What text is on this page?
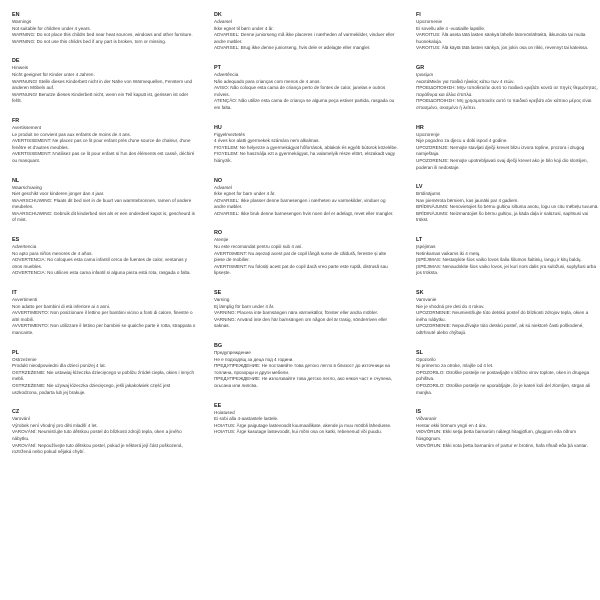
EN
Warnings
Not suitable for children under 4 years.
WARNING: Do not place this childrs bed near heat sources, windows and other furniture.
WARNING: Do not use this childrs bed if any part is broken, torn or missing.
DE
Hinweis
Nicht geeignet für Kinder unter 4 Jahren.
WARNUNG! Stelle dieses Kinderbett nicht in der Nähe von Wärmequellen, Fenstern und anderen Möbeln auf.
WARNUNG! Benutze dieses Kinderbett nicht, wenn ein Teil kaputt ist, gerissen ist oder fehlt.
FR
Avertissement
Le produit ne convient pas aux enfants de moins de 4 ans.
AVERTISSEMENT: Ne placez pas ce lit pour enfant près d'une source de chaleur, d'une fenêtre et d'autres meubles.
AVERTISSEMENT: N'utilisez pas ce lit pour enfant si l'un des éléments est cassé, déchiré ou manquant.
NL
Waarschuwing
Niet geschikt voor kinderen jonger dan 4 jaar.
WAARSCHUWING: Plaats dit bed niet in de buurt van warmtebronnen, ramen of andere meubelen.
WAARSCHUWING: Gebruik dit kinderbed niet als er een onderdeel kapot is, gescheurd is of mist.
ES
Advertencia
No apto para niños menores de 4 años.
ADVERTENCIA: No coloques esta cama infantil cerca de fuentes de calor, ventanas y otros muebles.
ADVERTENCIA: No utilices esta cama infantil si alguna pieza está rota, rasgada o falta.
IT
Avvertimenti
Non adatto per bambini di età inferiore ai 4 anni.
AVVERTIMENTO: Non posizionare il lettino per bambini vicino a fonti di calore, finestre o altri mobili.
AVVERTIMENTO: Non utilizzare il lettino per bambini se qualche parte è rotta, strappata o mancante.
PL
Ostrzeżenie
Produkt nieodpowiedni dla dzieci poniżej 4 lat.
OSTRZEŻENIE: Nie ustawiaj łóżeczka dziecięcego w pobliżu źródeł ciepła, okien i innych mebli.
OSTRZEŻENIE: Nie używaj łóżeczka dziecięcego, jeśli jakakolwiek część jest uszkodzona, podarta lub jej brakuje.
CZ
Varování
Výrobek není vhodný pro děti mladší 4 let.
VAROVÁNÍ: Neumisťujte tuto dětskou postel do blízkosti zdrojů tepla, oken a jiného nábytku.
VAROVÁNÍ: Nepoužívejte tuto dětskou postel, pokud je některá její část poškozená, roztržená nebo pokud nějaká chybí.
DK
Advarsel
Ikke egnet til børn under 4 år.
ADVARSEL: Denne juniorseng må ikke placeres i nærheden af varmekilder, vinduer eller andre møbler.
ADVARSEL: Brug ikke denne juniorseng, hvis dele er ødelagte eller mangler.
PT
Advertência
Não adequado para crianças com menos de 4 anos.
AVISO: Não coloque esta cama de criança perto de fontes de calor, janelas e outros móveis.
ATENÇÃO: Não utilize esta cama de criança se alguma peça estiver partida, rasgada ou em falta.
HU
Figyelmeztetés
4 éves kor alatti gyermekek számára nem alkalmas.
FIGYELEM: Ne helyezze a gyermekágyat hőforrások, ablakok és egyéb bútorok közelébe.
FIGYELEM: Ne használja ezt a gyermekágyat, ha valamelyik része eltört, elszakadt vagy hiányzik.
NO
Advarsel
Ikke egnet for barn under 4 år.
ADVARSEL: Ikke plasser denne barnesengen i nærheten av varmekilder, vinduer og andre møbler.
ADVARSEL: Ikke bruk denne barnesengen hvis noen del er ødelagt, revet eller mangler.
RO
Atenție
Nu este recomandat pentru copiii sub 4 ani.
AVERTISMENT: Nu așezați acest pat de copil lângă surse de căldură, ferestre și alte piese de mobilier.
AVERTISMENT: Nu folosiți acest pat de copil dacă vreo parte este ruptă, distrusă sau lipsește.
SE
Varning
Ej lämplig för barn under 4 år.
VARNING: Placera inte barnsängen nära värmekällor, fönster eller andra möbler.
VARNING: Använd inte den här barnsängen om någon del är trasig, sönderriven eller saknas.
BG
Предупреждение
Не е подходящ за деца под 4 години.
ПРЕДУПРЕЖДЕНИЕ: Не поставяйте това детско легло в близост до източници на топлина, прозорци и други мебели.
ПРЕДУПРЕЖДЕНИЕ: Не използвайте това детско легло, ако някоя част е счупена, скъсана или липсва.
EE
Hoiatused
Ei sobi alla 4-aastastele lastele.
HOIATUS: Ärge paigutage lastevoodit kuumaallikate, akende ja muu mööbli lähedusse.
HOIATUS: Ärge kasutage lastevoodit, kui mõni osa on katki, rebenenud või puudu.
FI
Upozornenie
Ei sovellu alle 4 -vuotiaille lapsille.
VAROITUS: Älä aseta tätä lasten sänkyä lähelle lämmönlähteitä, ikkunoita tai muita huonekaluja.
VAROITUS: Älä käytä tätä lasten sänkyä, jos jokin osa on rikki, revennyt tai kateissa.
GR
Ιριοείμσι
ΑκαιτάΜικόν για παιδιά ηλικίας κάτω των 4 ετών.
ΠΡΟΕΙΔΟΠΟΙΗΣΗ: Μην τοποθετείτε αυτό το παιδικό κρεβάτι κοντά σε πηγές θερμότητας, παράθυρα και άλλα έπιπλα.
ΠΡΟΕΙΔΟΠΟΙΗΣΗ: Μη χρησιμοποιείτε αυτό το παιδικό κρεβάτι εάν κάποιο μέρος είναι σπασμένο, σκισμένο ή λείπει.
HR
Upozorenje
Nije pogodno za djecu u dobi ispod 4 godine.
UPOZORENJE: Nemojte stavljati dječji krevet blizu izvora topline, prozora i drugog namještaja.
UPOZORENJE: Nemojte upotrebljavati ovaj dječji krevet ako je bilo koji dio slomljen, poderan ili nedostaje.
LV
Brīdinājums
Nav piemērota bērniem, kas jaunāki par 4 gadiem.
BRĪDINĀJUMS: Nenovietojiet šo bērnu gultiņu siltuma avotu, logu un citu mēbeļu tuvumā.
BRĪDINĀJUMS: Neizmantojiet šo bērnu gultiņu, ja kāda daļa ir salūzusi, saplīsusi vai trūkst.
LT
Įspėjimas
Netinkamas vaikams iki 4 metų.
ĮSPĖJIMAS: Nestatykite šios vaiko lovos šalia šilumos šaltinių, langų ir kitų baldų.
ĮSPĖJIMAS: Nenaudokite šios vaiko lovos, jei kuri nors dalis yra sulūžusi, suplyšusi arba jos trūksta.
SK
Varovanie
Nie je vhodná pre deti do 4 rokov.
UPOZORNENIE: Neumiestňujte túto detskú posteľ do blízkosti zdrojov tepla, okien a iného nábytku.
UPOZORNENIE: Nepoužívajte túto detskú posteľ, ak sú niektoré časti poškodené, odtrhnuté alebo chýbajú.
SL
Opozorilo
Ni primerno za otroke, mlajše od 4 let.
OPOZORILO: Otroške postelje ne postavljajte v bližino virov toplote, oken in drugega pohištva.
OPOZORILO: Otroške postelje ne uporabljajte, če je kateri koli del zlomljen, strgan ali manjka.
IS
Viðvaranir
Hentar ekki börnum yngri en 4 ára.
VIÐVÖRUN: Ekki setja þetta barnarúm nálægt hitagjöfum, gluggum eða öðrum húsgögnum.
VIÐVÖRUN: Ekki nota þetta barnarúm ef partur er brotinn, hafa rifnað eða þá vantar.
